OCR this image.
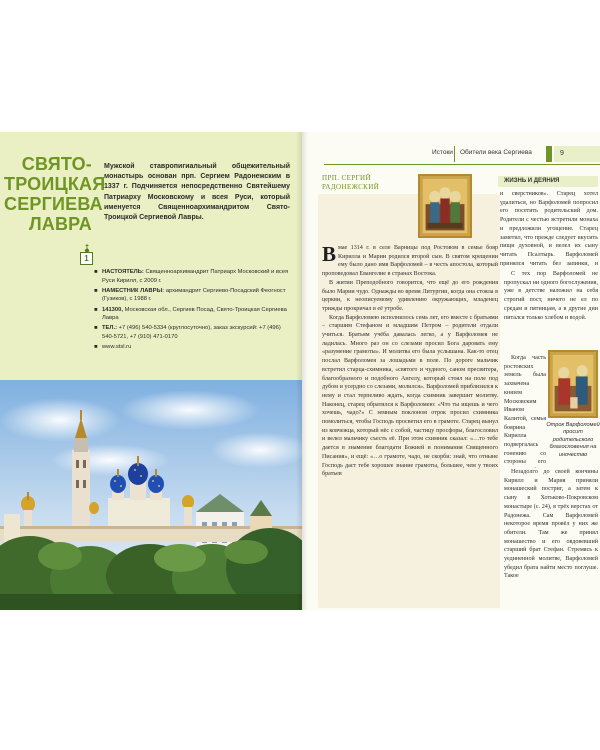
СВЯТО-
ТРОИЦКАЯ
СЕРГИЕВА
ЛАВРА
1
Мужской ставропигиальный общежительный монастырь основан прп. Сергием Радонежским в 1337 г. Подчиняется непосредственно Святейшему Патриарху Московскому и всея Руси, который именуется Священноархимандритом Свято-Троицкой Сергиевой Лавры.
■ НАСТОЯТЕЛЬ: Священноархимандрит Патриарх Московский и всея Руси Кирилл, с 2009 г.
■ НАМЕСТНИК ЛАВРЫ: архимандрит Сергиево-Посадский Феогност (Гузиков), с 1988 г.
■ 141300, Московская обл., Сергиев Посад, Свято-Троицкая Сергиева Лавра
■ ТЕЛ.: +7 (496) 540-5334 (круглосуточно), заказ экскурсий: +7 (496) 540-5721, +7 (910) 471-0170
■ www.stsl.ru
Истоки Обители века Сергиева	9
ЖИЗНЬ И ДЕЯНИЯ
ПРП. СЕРГИЙ РАДОНЕЖСКИЙ

Вмае 1314 г. в селе Варницы под Ростовом в семье бояр Кирилла и Марии родился второй сын. В святом крещении ему было дано имя Варфоломей – в честь апостола, который проповедовал Евангелие в странах Востока.

В житии Преподобного говорится, что ещё до его рождения было Марии чудо. Однажды во время Литургии, когда она стояла в церкви, к неописуемому удивлению окружающих, младенец трижды прокричал в её утробе.

Когда Варфоломею исполнилось семь лет, его вместе с братьями – старшим Стефаном и младшим Петром – родители отдали учиться. Братьям учёба давалась легко, а у Варфоломея не ладилась. Много раз он со слезами просил Бога даровать ему «разумение грамоты». И молитва его была услышана. Как-то отец послал Варфоломея за лошадьми в поле. По дороге мальчик встретил старца-схимника, «святого и чудного, саном пресвитера, благообразного и подобного Ангелу, который стоял на поле под дубом и усердно со слезами, молился». Варфоломей приблизился к нему и стал терпеливо ждать, когда схимник завершит молитву. Наконец, старец обратился к Варфоломею: «Что ты ищешь и чего хочешь, чадо?» С земным поклоном отрок просил схимника помолиться, чтобы Господь просветил его в грамоте. Старец вынул из ковчежца, который нёс с собой, частицу просфоры, благословил и велел мальчику съесть её. При этом схимник сказал: «…то тебе дается в знамение благодати Божией и понимания Священного Писания», и ещё: «…о грамоте, чадо, не скорби: знай, что отныне Господь даст тебе хорошее знание грамоты, большее, чем у твоих братьев

и сверстников». Старец хотел удалиться, но Варфоломей попросил его посетить родительский дом. Родители с честью встретили монаха и предложили угощение. Старец заметил, что прежде следует вкусить пищи духовной, и велел их сыну читать Псалтырь. Варфоломей принялся читать без запинки, и

С тех пор Варфоломей не пропускал ни одного богослужения, уже в детстве наложил на себя строгий пост, ничего не ел по средам и пятницам, а в другие дни питался только хлебом и водой.

Когда часть ростовских земель была захвачена князем Московским Иваном Калитой, семья боярина Кирилла подвергалась гонению со стороны его

Отрок Варфоломей просит родительского благословения на иночество

Незадолго до своей кончины Кирилл и Мария приняли монашеский постриг, а затем к сыну в Хотьково-Покровском монастыре (с. 24), в трёх верстах от Радонежа. Сам Варфоломей некоторое время провёл у них же обители. Там же принял монашество и его овдовевший старший брат Стефан. Стремясь к уединенной молитве, Варфоломей убедил брата найти место поглуше. Такое
